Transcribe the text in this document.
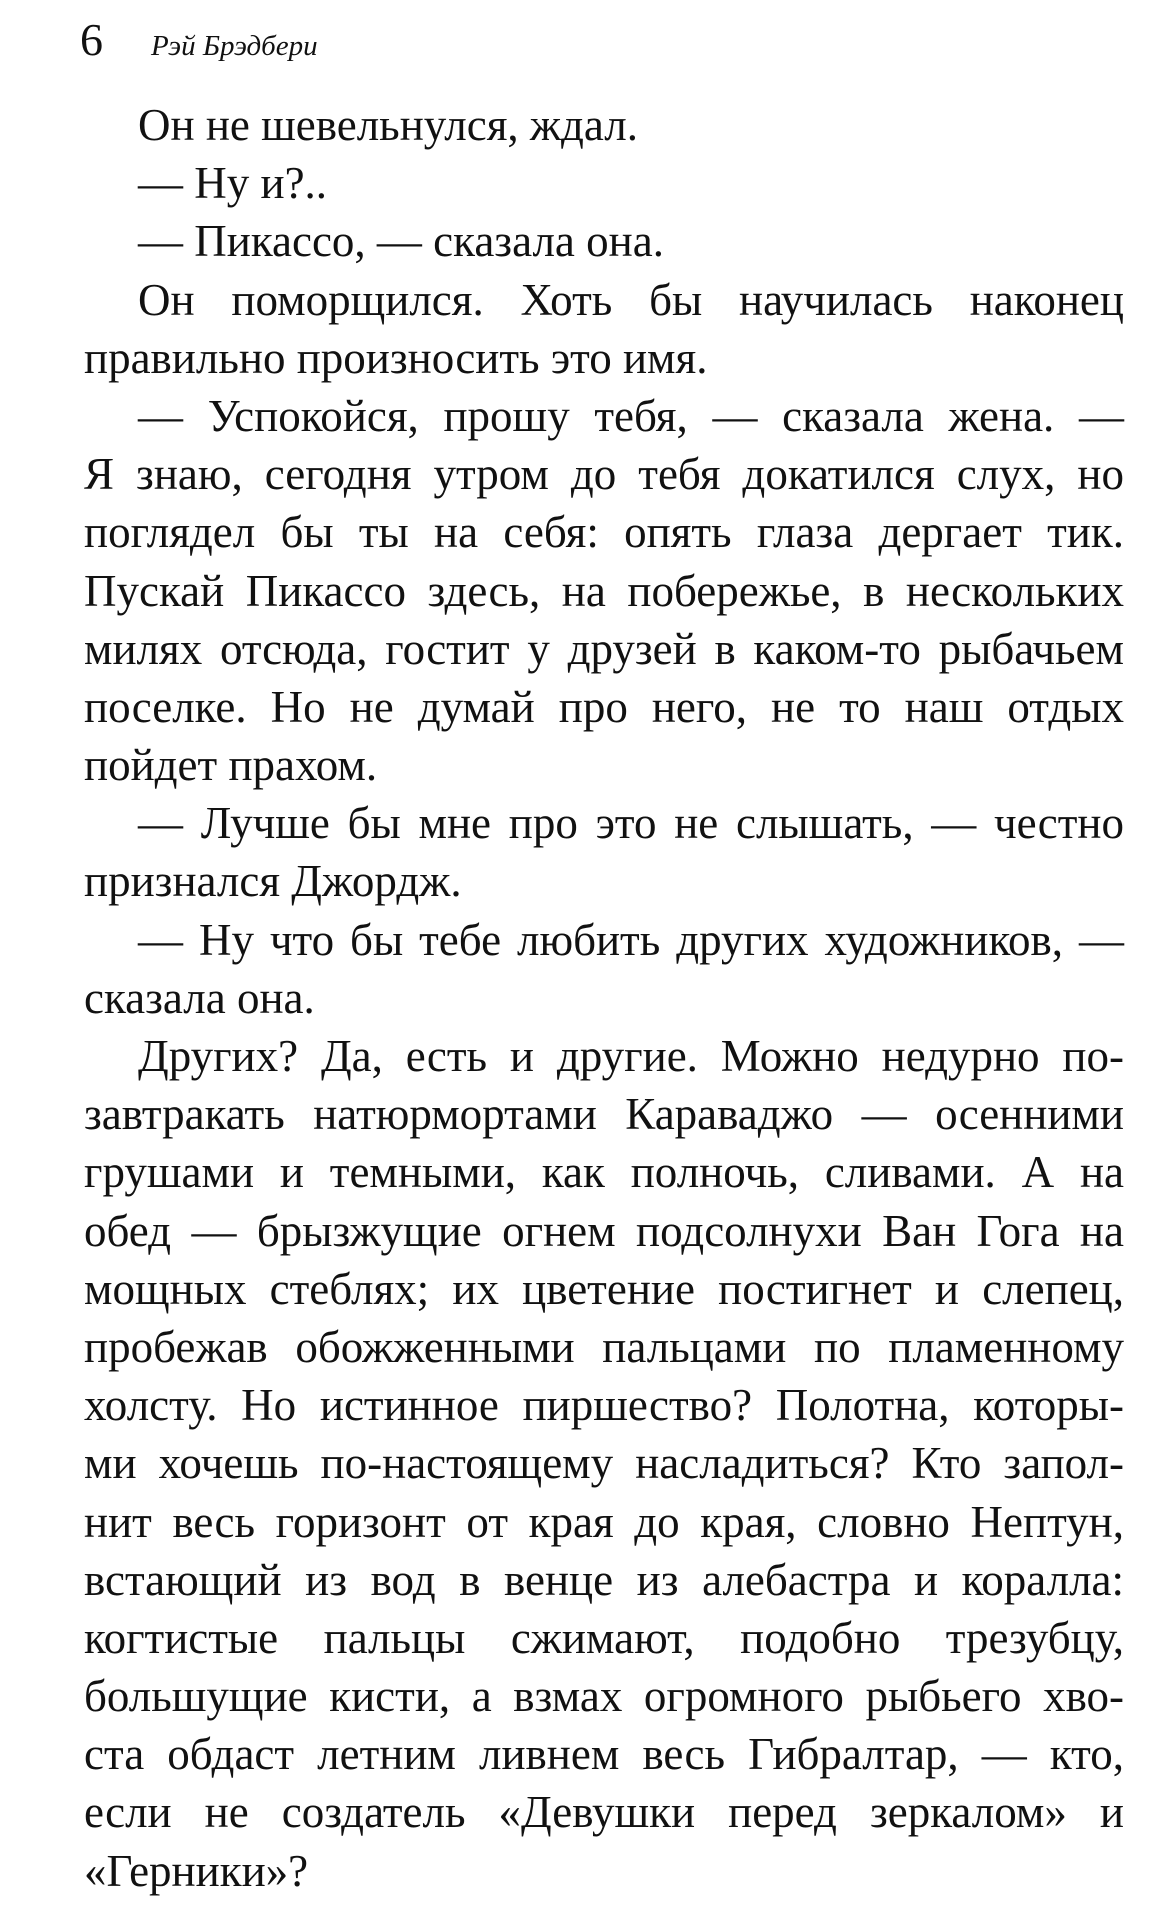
6 Рэй Брэдбери
Он не шевельнулся, ждал.
— Ну и?..
— Пикассо, — сказала она.
Он поморщился. Хоть бы научилась наконец
правильно произносить это имя.
— Успокойся, прошу тебя, — сказала жена. —
Я знаю, сегодня утром до тебя докатился слух, но
поглядел бы ты на себя: опять глаза дергает тик.
Пускай Пикассо здесь, на побережье, в нескольких
милях отсюда, гостит у друзей в каком-то рыбачьем
поселке. Но не думай про него, не то наш отдых
пойдет прахом.
— Лучше бы мне про это не слышать, — честно
признался Джордж.
— Ну что бы тебе любить других художников, —
сказала она.
Других? Да, есть и другие. Можно недурно по-
завтракать натюрмортами Караваджо — осенними
грушами и темными, как полночь, сливами. А на
обед — брызжущие огнем подсолнухи Ван Гога на
мощных стеблях; их цветение постигнет и слепец,
пробежав обожженными пальцами по пламенному
холсту. Но истинное пиршество? Полотна, которы-
ми хочешь по-настоящему насладиться? Кто запол-
нит весь горизонт от края до края, словно Нептун,
встающий из вод в венце из алебастра и коралла:
когтистые пальцы сжимают, подобно трезубцу,
большущие кисти, а взмах огромного рыбьего хво-
ста обдаст летним ливнем весь Гибралтар, — кто,
если не создатель «Девушки перед зеркалом» и
«Герники»?
